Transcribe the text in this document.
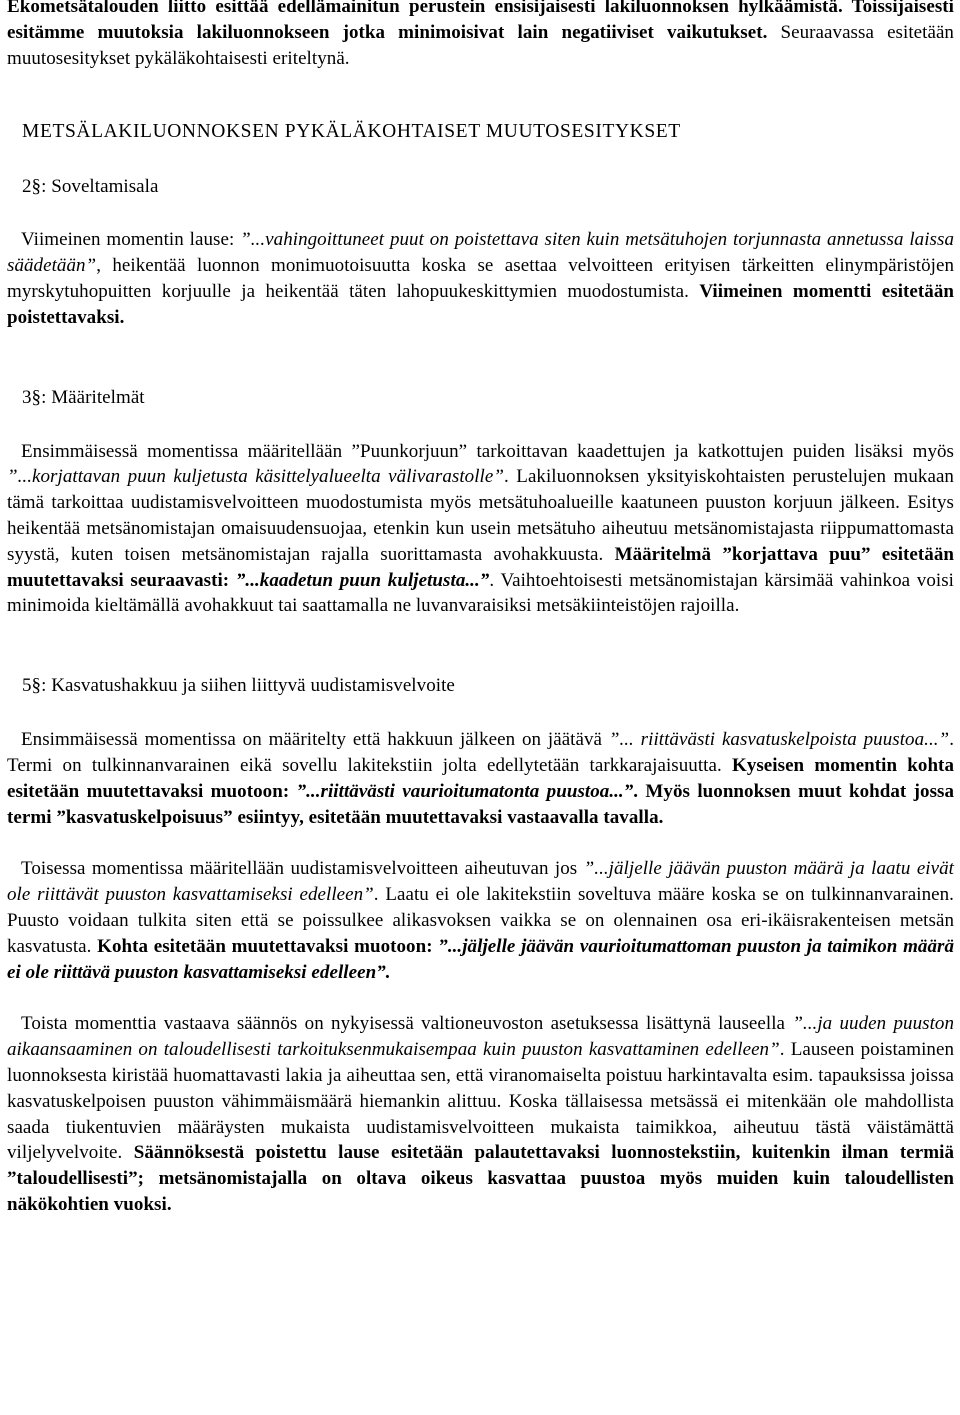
Ekometsätalouden liitto esittää edellämainitun perustein ensisijaisesti lakiluonnoksen hylkäämistä. Toissijaisesti esitämme muutoksia lakiluonnokseen jotka minimoisivat lain negatiiviset vaikutukset. Seuraavassa esitetään muutosesitykset pykäläkohtaisesti eriteltynä.

METSÄLAKILUONNOKSEN PYKÄLÄKOHTAISET MUUTOSESITYKSET

2§: Soveltamisala

Viimeinen momentin lause: ”...vahingoittuneet puut on poistettava siten kuin metsätuhojen torjunnasta annetussa laissa säädetään”, heikentää luonnon monimuotoisuutta koska se asettaa velvoitteen erityisen tärkeitten elinympäristöjen myrskytuhopuitten korjuulle ja heikentää täten lahopuukeskittymien muodostumista. Viimeinen momentti esitetään poistettavaksi.

3§: Määritelmät

Ensimmäisessä momentissa määritellään ”Puunkorjuun” tarkoittavan kaadettujen ja katkottujen puiden lisäksi myös ”...korjattavan puun kuljetusta käsittelyalueelta välivarastolle”. Lakiluonnoksen yksityiskohtaisten perustelujen mukaan tämä tarkoittaa uudistamisvelvoitteen muodostumista myös metsätuhoalueille kaatuneen puuston korjuun jälkeen. Esitys heikentää metsänomistajan omaisuudensuojaa, etenkin kun usein metsätuho aiheutuu metsänomistajasta riippumattomasta syystä, kuten toisen metsänomistajan rajalla suorittamasta avohakkuusta. Määritelmä ”korjattava puu” esitetään muutettavaksi seuraavasti: ”...kaadetun puun kuljetusta...”. Vaihtoehtoisesti metsänomistajan kärsimää vahinkoa voisi minimoida kieltämällä avohakkuut tai saattamalla ne luvanvaraisiksi metsäkiinteistöjen rajoilla.

5§: Kasvatushakkuu ja siihen liittyvä uudistamisvelvoite

Ensimmäisessä momentissa on määritelty että hakkuun jälkeen on jäätävä ”... riittävästi kasvatuskelpoista puustoa...”. Termi on tulkinnanvarainen eikä sovellu lakitekstiin jolta edellytetään tarkkarajaisuutta. Kyseisen momentin kohta esitetään muutettavaksi muotoon: ”...riittävästi vaurioitumatonta puustoa...”. Myös luonnoksen muut kohdat jossa termi ”kasvatuskelpoisuus” esiintyy, esitetään muutettavaksi vastaavalla tavalla.

Toisessa momentissa määritellään uudistamisvelvoitteen aiheutuvan jos ”...jäljelle jäävän puuston määrä ja laatu eivät ole riittävät puuston kasvattamiseksi edelleen”. Laatu ei ole lakitekstiin soveltuva määre koska se on tulkinnanvarainen. Puusto voidaan tulkita siten että se poissulkee alikasvoksen vaikka se on olennainen osa eri-ikäisrakenteisen metsän kasvatusta. Kohta esitetään muutettavaksi muotoon: ”...jäljelle jäävän vaurioitumattoman puuston ja taimikon määrä ei ole riittävä puuston kasvattamiseksi edelleen”.

Toista momenttia vastaava säännös on nykyisessä valtioneuvoston asetuksessa lisättynä lauseella ”...ja uuden puuston aikaansaaminen on taloudellisesti tarkoituksenmukaisempaa kuin puuston kasvattaminen edelleen”. Lauseen poistaminen luonnoksesta kiristää huomattavasti lakia ja aiheuttaa sen, että viranomaiselta poistuu harkintavalta esim. tapauksissa joissa kasvatuskelpoisen puuston vähimmäismäärä hiemankin alittuu. Koska tällaisessa metsässä ei mitenkään ole mahdollista saada tiukentuvien määräysten mukaista uudistamisvelvoitteen mukaista taimikkoa, aiheutuu tästä väistämättä viljelyvelvoite. Säännöksestä poistettu lause esitetään palautettavaksi luonnostekstiin, kuitenkin ilman termiä ”taloudellisesti”; metsänomistajalla on oltava oikeus kasvattaa puustoa myös muiden kuin taloudellisten näkökohtien vuoksi.
